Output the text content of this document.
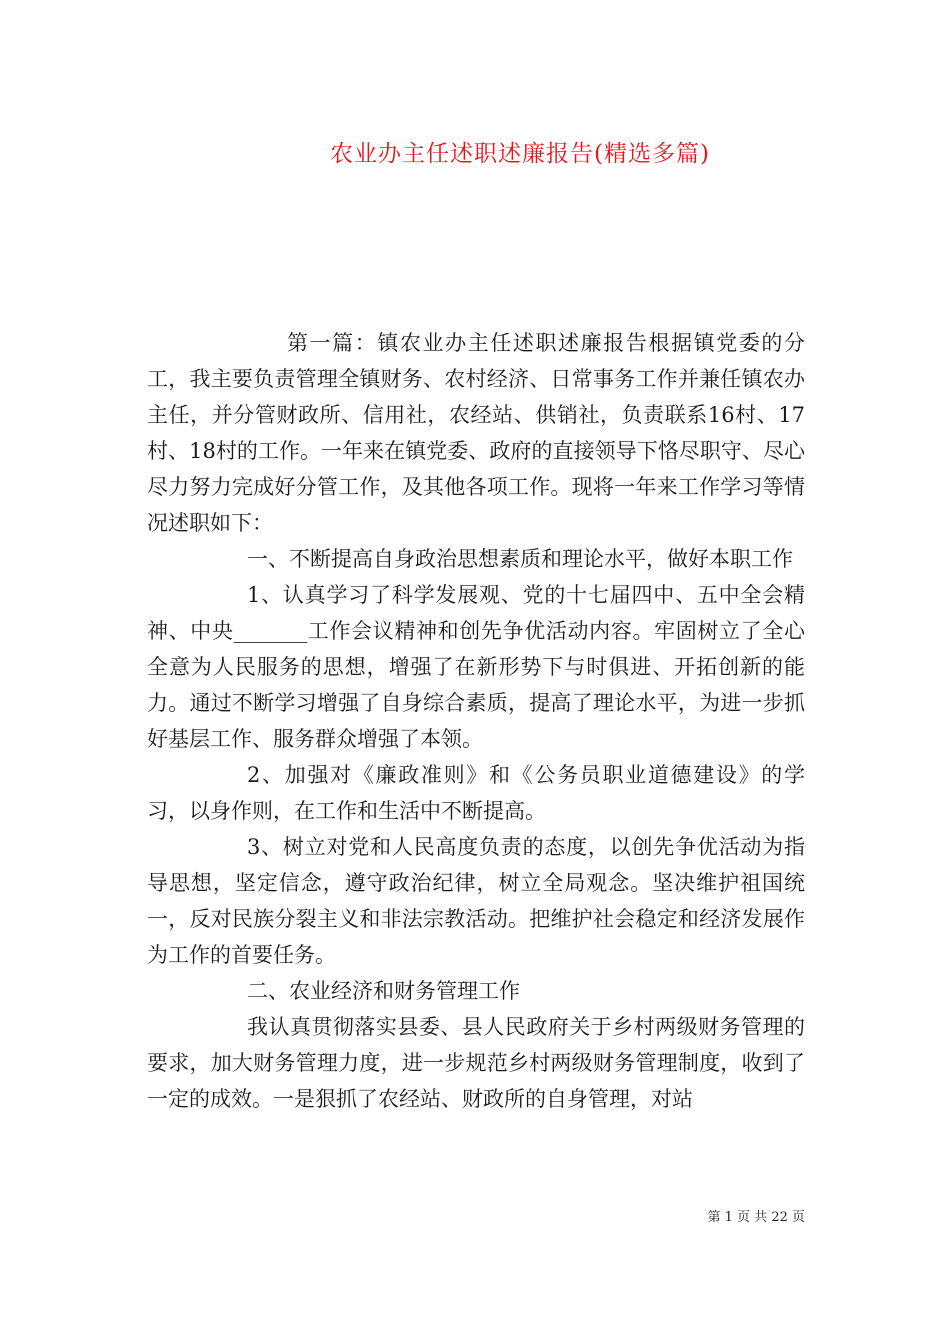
农业办主任述职述廉报告(精选多篇)

第一篇：镇农业办主任述职述廉报告根据镇党委的分工，我主要负责管理全镇财务、农村经济、日常事务工作并兼任镇农办主任，并分管财政所、信用社，农经站、供销社，负责联系16村、17村、18村的工作。一年来在镇党委、政府的直接领导下恪尽职守、尽心尽力努力完成好分管工作，及其他各项工作。现将一年来工作学习等情况述职如下：

一、不断提高自身政治思想素质和理论水平，做好本职工作

1、认真学习了科学发展观、党的十七届四中、五中全会精神、中央_______工作会议精神和创先争优活动内容。牢固树立了全心全意为人民服务的思想，增强了在新形势下与时俱进、开拓创新的能力。通过不断学习增强了自身综合素质，提高了理论水平，为进一步抓好基层工作、服务群众增强了本领。

2、加强对《廉政准则》和《公务员职业道德建设》的学习，以身作则，在工作和生活中不断提高。

3、树立对党和人民高度负责的态度，以创先争优活动为指导思想，坚定信念，遵守政治纪律，树立全局观念。坚决维护祖国统一，反对民族分裂主义和非法宗教活动。把维护社会稳定和经济发展作为工作的首要任务。

二、农业经济和财务管理工作

我认真贯彻落实县委、县人民政府关于乡村两级财务管理的要求，加大财务管理力度，进一步规范乡村两级财务管理制度，收到了一定的成效。一是狠抓了农经站、财政所的自身管理，对站

第 1 页 共 22 页
